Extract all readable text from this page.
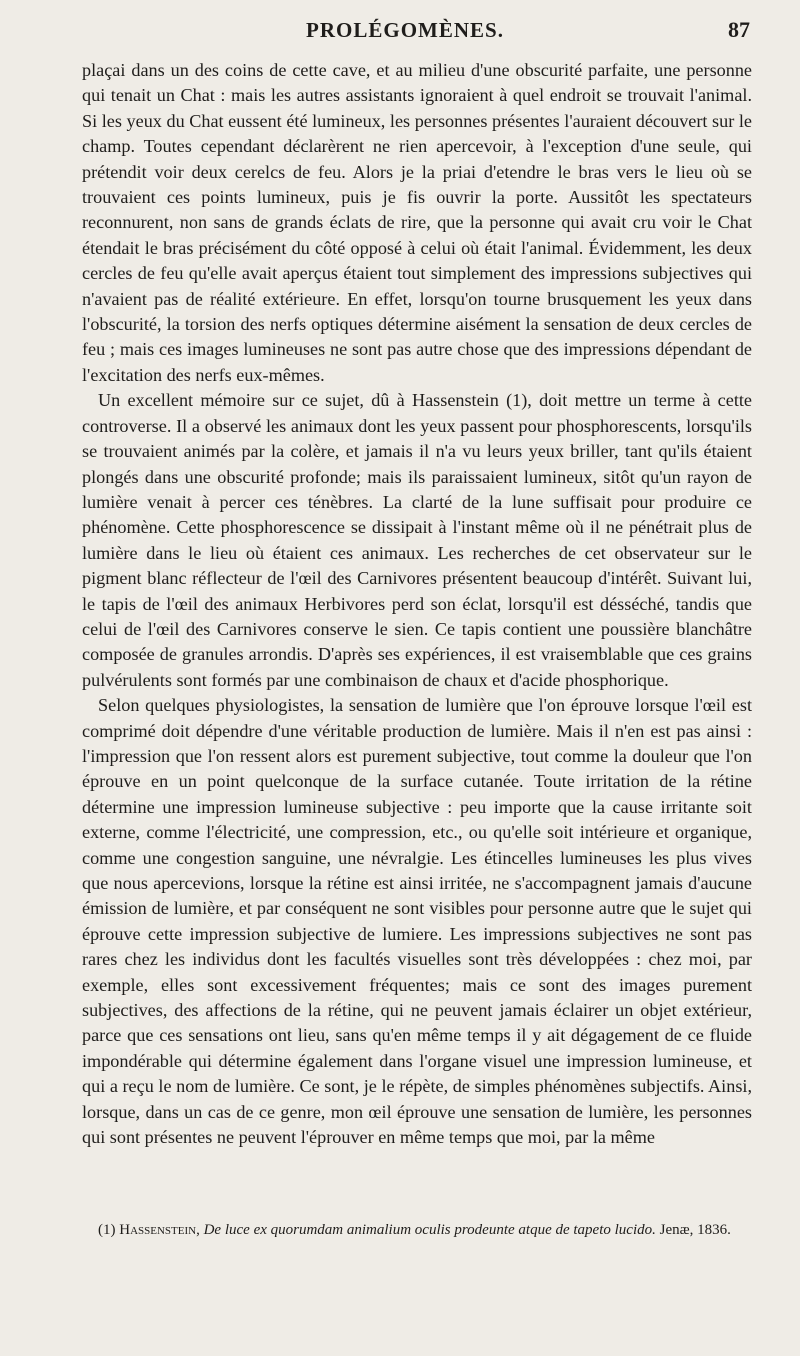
PROLÉGOMÈNES.	87

plaçai dans un des coins de cette cave, et au milieu d'une obscurité parfaite, une personne qui tenait un Chat : mais les autres assistants ignoraient à quel endroit se trouvait l'animal. Si les yeux du Chat eussent été lumineux, les personnes présentes l'auraient découvert sur le champ. Toutes cependant déclarèrent ne rien apercevoir, à l'exception d'une seule, qui prétendit voir deux cerelcs de feu. Alors je la priai d'etendre le bras vers le lieu où se trouvaient ces points lumineux, puis je fis ouvrir la porte. Aussitôt les spectateurs reconnurent, non sans de grands éclats de rire, que la personne qui avait cru voir le Chat étendait le bras précisément du côté opposé à celui où était l'animal. Évidemment, les deux cercles de feu qu'elle avait aperçus étaient tout simplement des impressions subjectives qui n'avaient pas de réalité extérieure. En effet, lorsqu'on tourne brusquement les yeux dans l'obscurité, la torsion des nerfs optiques détermine aisément la sensation de deux cercles de feu ; mais ces images lumineuses ne sont pas autre chose que des impressions dépendant de l'excitation des nerfs eux-mêmes.

Un excellent mémoire sur ce sujet, dû à Hassenstein (1), doit mettre un terme à cette controverse. Il a observé les animaux dont les yeux passent pour phosphorescents, lorsqu'ils se trouvaient animés par la colère, et jamais il n'a vu leurs yeux briller, tant qu'ils étaient plongés dans une obscurité profonde; mais ils paraissaient lumineux, sitôt qu'un rayon de lumière venait à percer ces ténèbres. La clarté de la lune suffisait pour produire ce phénomène. Cette phosphorescence se dissipait à l'instant même où il ne pénétrait plus de lumière dans le lieu où étaient ces animaux. Les recherches de cet observateur sur le pigment blanc réflecteur de l'œil des Carnivores présentent beaucoup d'intérêt. Suivant lui, le tapis de l'œil des animaux Herbivores perd son éclat, lorsqu'il est désséché, tandis que celui de l'œil des Carnivores conserve le sien. Ce tapis contient une poussière blanchâtre composée de granules arrondis. D'après ses expériences, il est vraisemblable que ces grains pulvérulents sont formés par une combinaison de chaux et d'acide phosphorique.

Selon quelques physiologistes, la sensation de lumière que l'on éprouve lorsque l'œil est comprimé doit dépendre d'une véritable production de lumière. Mais il n'en est pas ainsi : l'impression que l'on ressent alors est purement subjective, tout comme la douleur que l'on éprouve en un point quelconque de la surface cutanée. Toute irritation de la rétine détermine une impression lumineuse subjective : peu importe que la cause irritante soit externe, comme l'électricité, une compression, etc., ou qu'elle soit intérieure et organique, comme une congestion sanguine, une névralgie. Les étincelles lumineuses les plus vives que nous apercevions, lorsque la rétine est ainsi irritée, ne s'accompagnent jamais d'aucune émission de lumière, et par conséquent ne sont visibles pour personne autre que le sujet qui éprouve cette impression subjective de lumiere. Les impressions subjectives ne sont pas rares chez les individus dont les facultés visuelles sont très développées : chez moi, par exemple, elles sont excessivement fréquentes; mais ce sont des images purement subjectives, des affections de la rétine, qui ne peuvent jamais éclairer un objet extérieur, parce que ces sensations ont lieu, sans qu'en même temps il y ait dégagement de ce fluide impondérable qui détermine également dans l'organe visuel une impression lumineuse, et qui a reçu le nom de lumière. Ce sont, je le répète, de simples phénomènes subjectifs. Ainsi, lorsque, dans un cas de ce genre, mon œil éprouve une sensation de lumière, les personnes qui sont présentes ne peuvent l'éprouver en même temps que moi, par la même

(1) Hassenstein, De luce ex quorumdam animalium oculis prodeunte atque de tapeto lucido. Jenæ, 1836.
